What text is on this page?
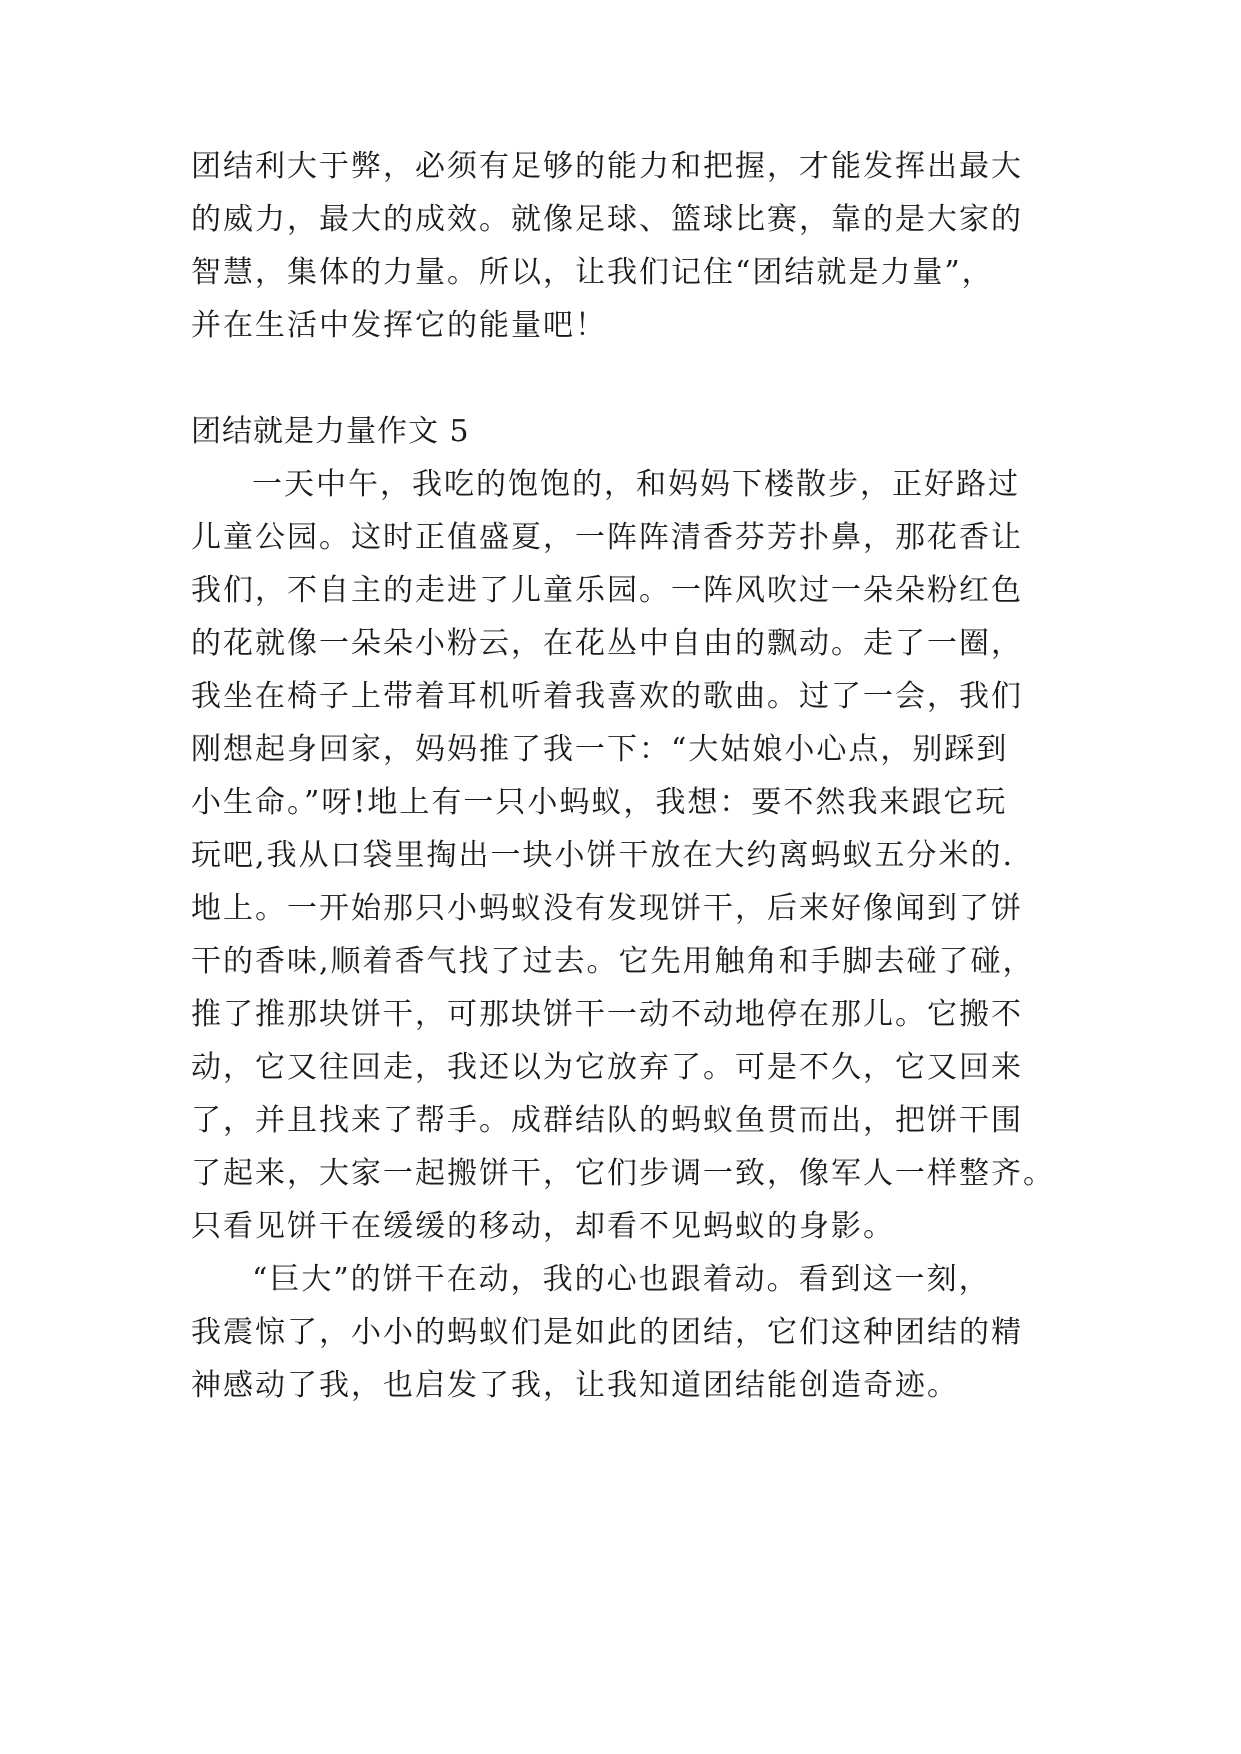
团结利大于弊，必须有足够的能力和把握，才能发挥出最大
的威力，最大的成效。就像足球、篮球比赛，靠的是大家的
智慧，集体的力量。所以，让我们记住“团结就是力量”，
并在生活中发挥它的能量吧！
团结就是力量作文 5
一天中午，我吃的饱饱的，和妈妈下楼散步，正好路过
儿童公园。这时正值盛夏，一阵阵清香芬芳扑鼻，那花香让
我们，不自主的走进了儿童乐园。一阵风吹过一朵朵粉红色
的花就像一朵朵小粉云，在花丛中自由的飘动。走了一圈，
我坐在椅子上带着耳机听着我喜欢的歌曲。过了一会，我们
刚想起身回家，妈妈推了我一下：“大姑娘小心点，别踩到
小生命。”呀!地上有一只小蚂蚁，我想：要不然我来跟它玩
玩吧,我从口袋里掏出一块小饼干放在大约离蚂蚁五分米的.
地上。一开始那只小蚂蚁没有发现饼干，后来好像闻到了饼
干的香味,顺着香气找了过去。它先用触角和手脚去碰了碰，
推了推那块饼干，可那块饼干一动不动地停在那儿。它搬不
动，它又往回走，我还以为它放弃了。可是不久，它又回来
了，并且找来了帮手。成群结队的蚂蚁鱼贯而出，把饼干围
了起来，大家一起搬饼干，它们步调一致，像军人一样整齐。
只看见饼干在缓缓的移动，却看不见蚂蚁的身影。
“巨大”的饼干在动，我的心也跟着动。看到这一刻，
我震惊了，小小的蚂蚁们是如此的团结，它们这种团结的精
神感动了我，也启发了我，让我知道团结能创造奇迹。
